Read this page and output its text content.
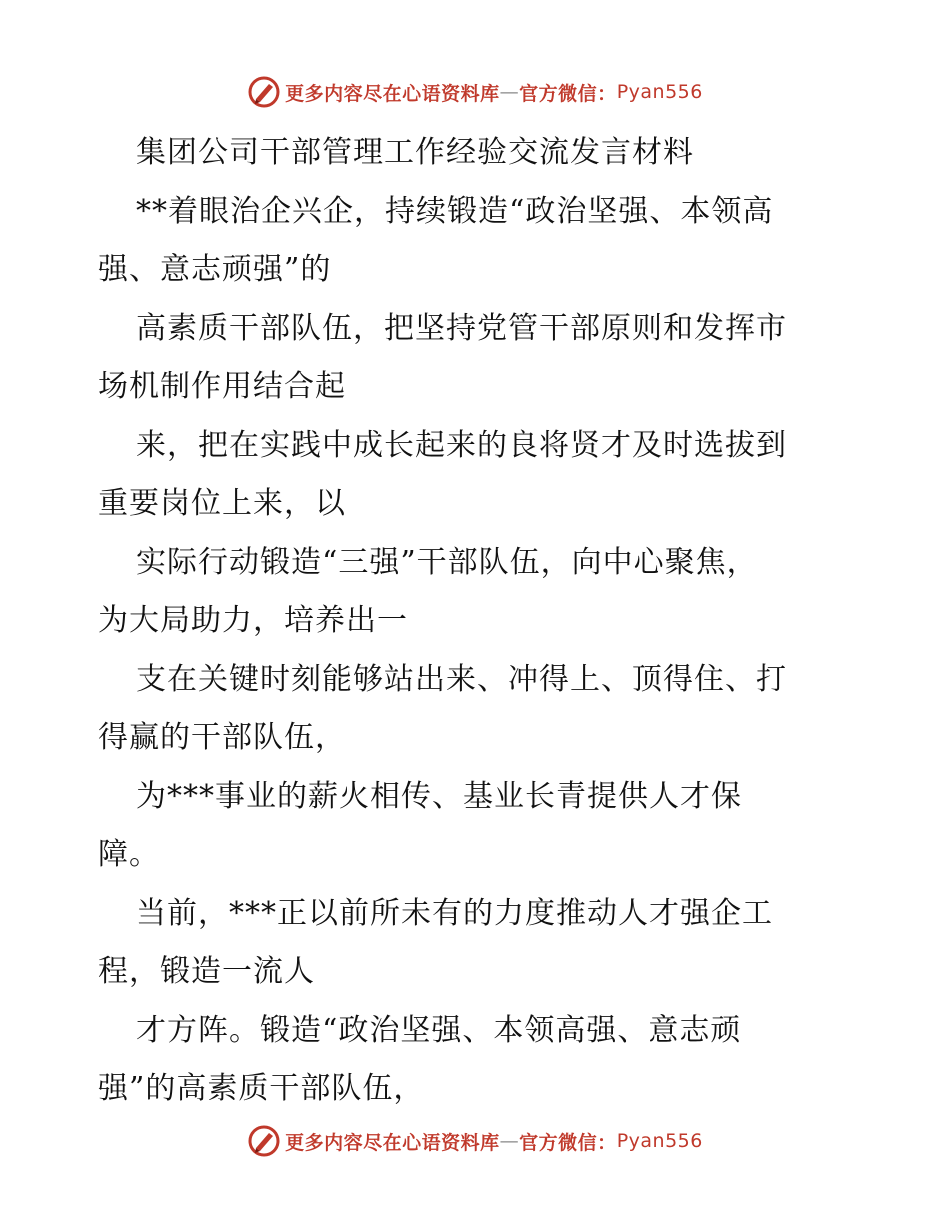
更多内容尽在心语资料库 — 官方微信： Pyan556

集团公司干部管理工作经验交流发言材料

**着眼治企兴企，持续锻造“政治坚强、本领高

强、意志顽强”的

高素质干部队伍，把坚持党管干部原则和发挥市

场机制作用结合起

来，把在实践中成长起来的良将贤才及时选拔到

重要岗位上来，以

实际行动锻造“三强”干部队伍，向中心聚焦，

为大局助力，培养出一

支在关键时刻能够站出来、冲得上、顶得住、打

得赢的干部队伍，

为***事业的薪火相传、基业长青提供人才保

障。

当前，***正以前所未有的力度推动人才强企工

程，锻造一流人

才方阵。锻造“政治坚强、本领高强、意志顽

强”的高素质干部队伍，

更多内容尽在心语资料库 — 官方微信： Pyan556
